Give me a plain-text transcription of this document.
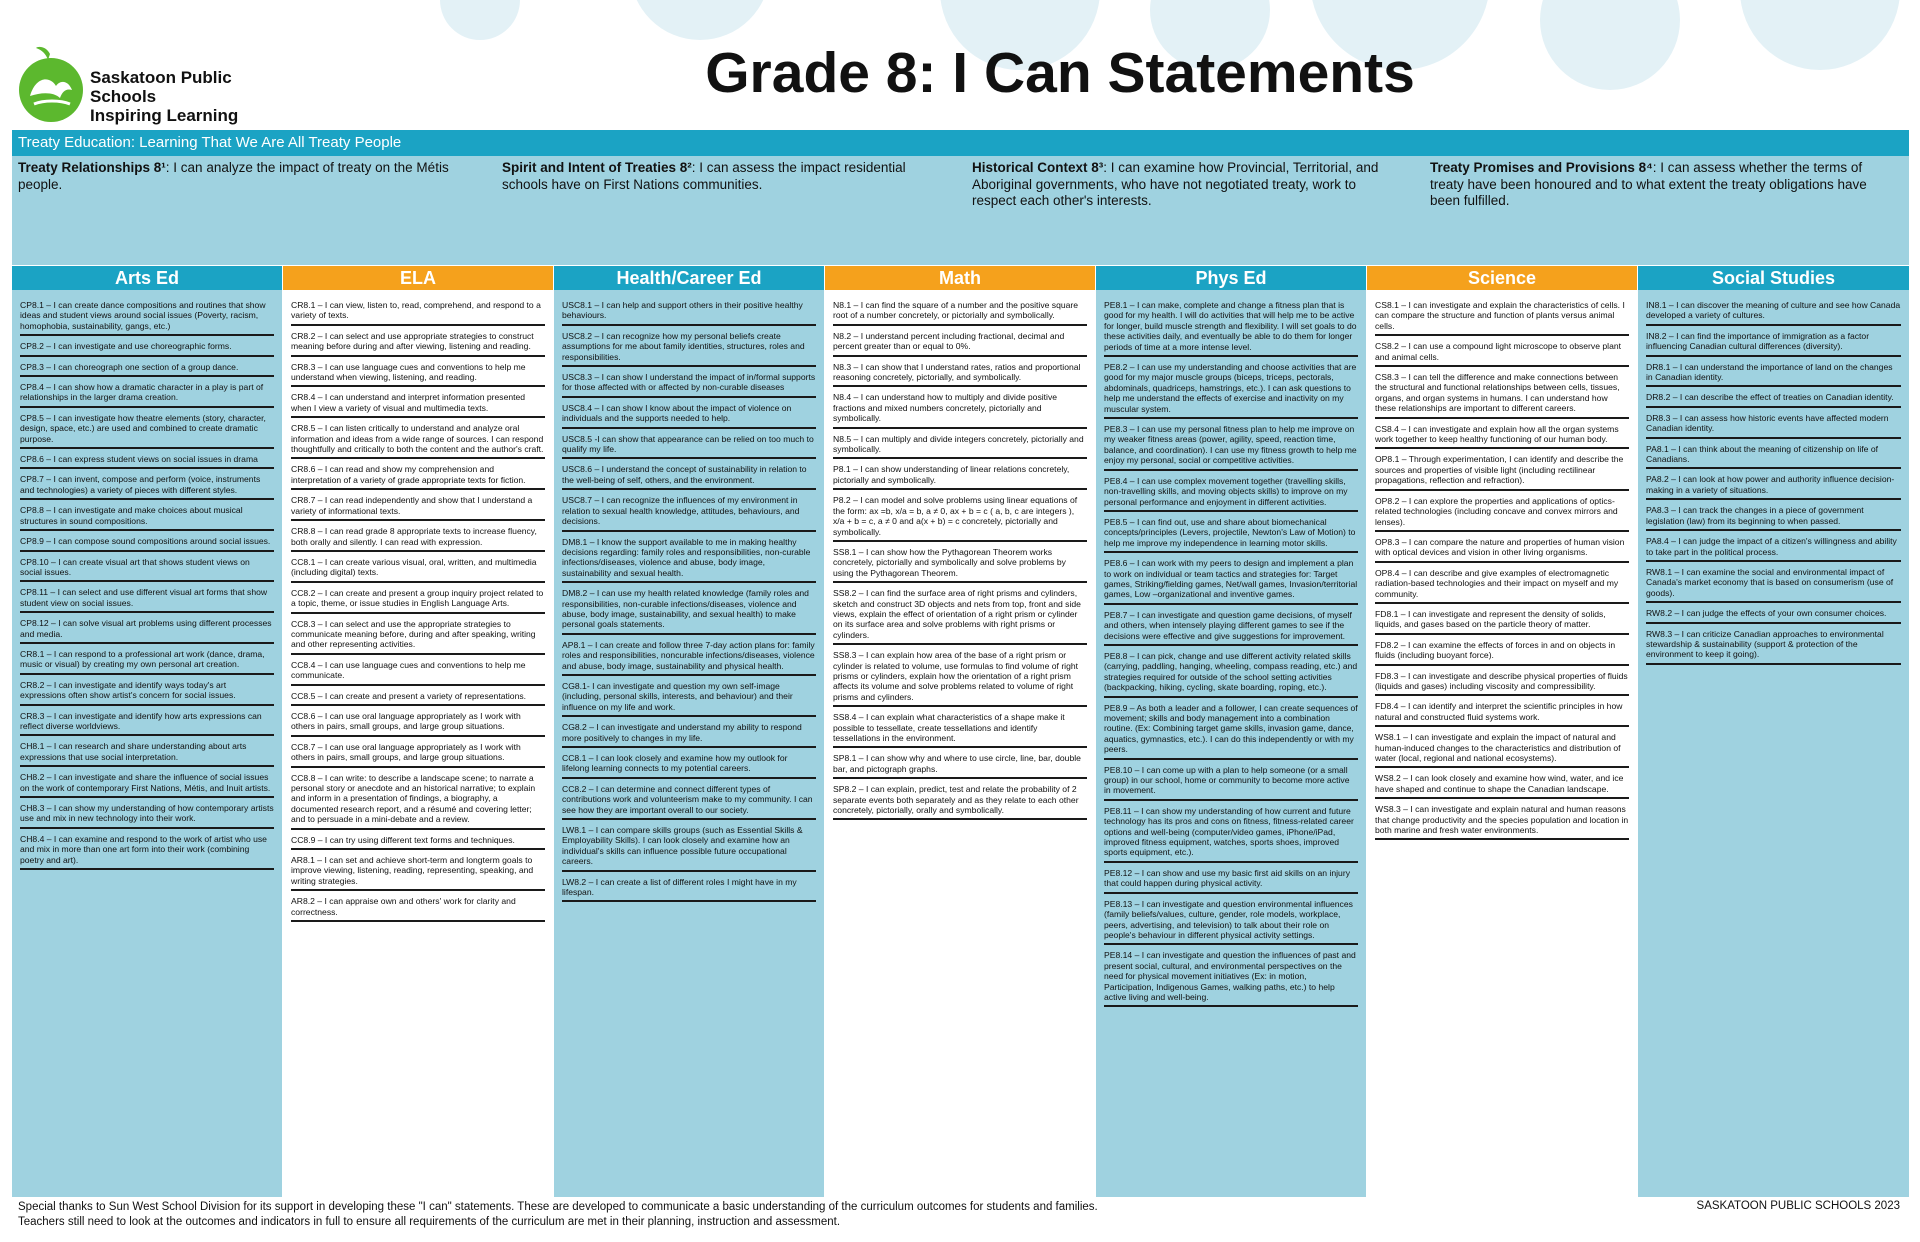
Saskatoon Public Schools
Inspiring Learning
Grade 8: I Can Statements
Treaty Education: Learning That We Are All Treaty People
Treaty Relationships 8¹: I can analyze the impact of treaty on the Métis people.
Spirit and Intent of Treaties 8²: I can assess the impact residential schools have on First Nations communities.
Historical Context 8³: I can examine how Provincial, Territorial, and Aboriginal governments, who have not negotiated treaty, work to respect each other's interests.
Treaty Promises and Provisions 8⁴: I can assess whether the terms of treaty have been honoured and to what extent the treaty obligations have been fulfilled.
Arts Ed
CP8.1 – I can create dance compositions and routines that show ideas and student views around social issues (Poverty, racism, homophobia, sustainability, gangs, etc.)
CP8.2 – I can investigate and use choreographic forms.
CP8.3 – I can choreograph one section of a group dance.
CP8.4 – I can show how a dramatic character in a play is part of relationships in the larger drama creation.
CP8.5 – I can investigate how theatre elements (story, character, design, space, etc.) are used and combined to create dramatic purpose.
CP8.6 – I can express student views on social issues in drama
CP8.7 – I can invent, compose and perform (voice, instruments and technologies) a variety of pieces with different styles.
CP8.8 – I can investigate and make choices about musical structures in sound compositions.
CP8.9 – I can compose sound compositions around social issues.
CP8.10 – I can create visual art that shows student views on social issues.
CP8.11 – I can select and use different visual art forms that show student view on social issues.
CP8.12 – I can solve visual art problems using different processes and media.
CR8.1 – I can respond to a professional art work (dance, drama, music or visual) by creating my own personal art creation.
CR8.2 – I can investigate and identify ways today's art expressions often show artist's concern for social issues.
CR8.3 – I can investigate and identify how arts expressions can reflect diverse worldviews.
CH8.1 – I can research and share understanding about arts expressions that use social interpretation.
CH8.2 – I can investigate and share the influence of social issues on the work of contemporary First Nations, Métis, and Inuit artists.
CH8.3 – I can show my understanding of how contemporary artists use and mix in new technology into their work.
CH8.4 – I can examine and respond to the work of artist who use and mix in more than one art form into their work (combining poetry and art).
ELA
CR8.1 – I can view, listen to, read, comprehend, and respond to a variety of texts.
CR8.2 – I can select and use appropriate strategies to construct meaning before during and after viewing, listening and reading.
CR8.3 – I can use language cues and conventions to help me understand when viewing, listening, and reading.
CR8.4 – I can understand and interpret information presented when I view a variety of visual and multimedia texts.
CR8.5 – I can listen critically to understand and analyze oral information and ideas from a wide range of sources. I can respond thoughtfully and critically to both the content and the author's craft.
CR8.6 – I can read and show my comprehension and interpretation of a variety of grade appropriate texts for fiction.
CR8.7 – I can read independently and show that I understand a variety of informational texts.
CR8.8 – I can read grade 8 appropriate texts to increase fluency, both orally and silently. I can read with expression.
CC8.1 – I can create various visual, oral, written, and multimedia (including digital) texts.
CC8.2 – I can create and present a group inquiry project related to a topic, theme, or issue studies in English Language Arts.
CC8.3 – I can select and use the appropriate strategies to communicate meaning before, during and after speaking, writing and other representing activities.
CC8.4 – I can use language cues and conventions to help me communicate.
CC8.5 – I can create and present a variety of representations.
CC8.6 – I can use oral language appropriately as I work with others in pairs, small groups, and large group situations.
CC8.7 – I can use oral language appropriately as I work with others in pairs, small groups, and large group situations.
CC8.8 – I can write: to describe a landscape scene; to narrate a personal story or anecdote and an historical narrative; to explain and inform in a presentation of findings, a biography, a documented research report, and a résumé and covering letter; and to persuade in a mini-debate and a review.
CC8.9 – I can try using different text forms and techniques.
AR8.1 – I can set and achieve short-term and longterm goals to improve viewing, listening, reading, representing, speaking, and writing strategies.
AR8.2 – I can appraise own and others' work for clarity and correctness.
Health/Career Ed
USC8.1 – I can help and support others in their positive healthy behaviours.
USC8.2 – I can recognize how my personal beliefs create assumptions for me about family identities, structures, roles and responsibilities.
USC8.3 – I can show I understand the impact of in/formal supports for those affected with or affected by non-curable diseases
USC8.4 – I can show I know about the impact of violence on individuals and the supports needed to help.
USC8.5 -I can show that appearance can be relied on too much to qualify my life.
USC8.6 – I understand the concept of sustainability in relation to the well-being of self, others, and the environment.
USC8.7 – I can recognize the influences of my environment in relation to sexual health knowledge, attitudes, behaviours, and decisions.
DM8.1 – I know the support available to me in making healthy decisions regarding: family roles and responsibilities, non-curable infections/diseases, violence and abuse, body image, sustainability and sexual health.
DM8.2 – I can use my health related knowledge (family roles and responsibilities, non-curable infections/diseases, violence and abuse, body image, sustainability, and sexual health) to make personal goals statements.
AP8.1 – I can create and follow three 7-day action plans for: family roles and responsibilities, noncurable infections/diseases, violence and abuse, body image, sustainability and physical health.
CG8.1- I can investigate and question my own self-image (including, personal skills, interests, and behaviour) and their influence on my life and work.
CG8.2 – I can investigate and understand my ability to respond more positively to changes in my life.
CC8.1 – I can look closely and examine how my outlook for lifelong learning connects to my potential careers.
CC8.2 – I can determine and connect different types of contributions work and volunteerism make to my community. I can see how they are important overall to our society.
LW8.1 – I can compare skills groups (such as Essential Skills & Employability Skills). I can look closely and examine how an individual's skills can influence possible future occupational careers.
LW8.2 – I can create a list of different roles I might have in my lifespan.
Math
N8.1 – I can find the square of a number and the positive square root of a number concretely, or pictorially and symbolically.
N8.2 – I understand percent including fractional, decimal and percent greater than or equal to 0%.
N8.3 – I can show that I understand rates, ratios and proportional reasoning concretely, pictorially, and symbolically.
N8.4 – I can understand how to multiply and divide positive fractions and mixed numbers concretely, pictorially and symbolically.
N8.5 – I can multiply and divide integers concretely, pictorially and symbolically.
P8.1 – I can show understanding of linear relations concretely, pictorially and symbolically.
P8.2 – I can model and solve problems using linear equations of the form: ax =b, x/a = b, a ≠ 0, ax + b = c ( a, b, c are integers ), x/a + b = c, a ≠ 0 and a(x + b) = c concretely, pictorially and symbolically.
SS8.1 – I can show how the Pythagorean Theorem works concretely, pictorially and symbolically and solve problems by using the Pythagorean Theorem.
SS8.2 – I can find the surface area of right prisms and cylinders, sketch and construct 3D objects and nets from top, front and side views, explain the effect of orientation of a right prism or cylinder on its surface area and solve problems with right prisms or cylinders.
SS8.3 – I can explain how area of the base of a right prism or cylinder is related to volume, use formulas to find volume of right prisms or cylinders, explain how the orientation of a right prism affects its volume and solve problems related to volume of right prisms and cylinders.
SS8.4 – I can explain what characteristics of a shape make it possible to tessellate, create tessellations and identify tessellations in the environment.
SP8.1 – I can show why and where to use circle, line, bar, double bar, and pictograph graphs.
SP8.2 – I can explain, predict, test and relate the probability of 2 separate events both separately and as they relate to each other concretely, pictorially, orally and symbolically.
Phys Ed
PE8.1 – I can make, complete and change a fitness plan that is good for my health. I will do activities that will help me to be active for longer, build muscle strength and flexibility. I will set goals to do these activities daily, and eventually be able to do them for longer periods of time at a more intense level.
PE8.2 – I can use my understanding and choose activities that are good for my major muscle groups (biceps, triceps, pectorals, abdominals, quadriceps, hamstrings, etc.). I can ask questions to help me understand the effects of exercise and inactivity on my muscular system.
PE8.3 – I can use my personal fitness plan to help me improve on my weaker fitness areas (power, agility, speed, reaction time, balance, and coordination). I can use my fitness growth to help me enjoy my personal, social or competitive activities.
PE8.4 – I can use complex movement together (travelling skills, non-travelling skills, and moving objects skills) to improve on my personal performance and enjoyment in different activities.
PE8.5 – I can find out, use and share about biomechanical concepts/principles (Levers, projectile, Newton's Law of Motion) to help me improve my independence in learning motor skills.
PE8.6 – I can work with my peers to design and implement a plan to work on individual or team tactics and strategies for: Target games, Striking/fielding games, Net/wall games, Invasion/territorial games, Low –organizational and inventive games.
PE8.7 – I can investigate and question game decisions, of myself and others, when intensely playing different games to see if the decisions were effective and give suggestions for improvement.
PE8.8 – I can pick, change and use different activity related skills (carrying, paddling, hanging, wheeling, compass reading, etc.) and strategies required for outside of the school setting activities (backpacking, hiking, cycling, skate boarding, roping, etc.).
PE8.9 – As both a leader and a follower, I can create sequences of movement; skills and body management into a combination routine. (Ex: Combining target game skills, invasion game, dance, aquatics, gymnastics, etc.). I can do this independently or with my peers.
PE8.10 – I can come up with a plan to help someone (or a small group) in our school, home or community to become more active in movement.
PE8.11 – I can show my understanding of how current and future technology has its pros and cons on fitness, fitness-related career options and well-being (computer/video games, iPhone/iPad, improved fitness equipment, watches, sports shoes, improved sports equipment, etc.).
PE8.12 – I can show and use my basic first aid skills on an injury that could happen during physical activity.
PE8.13 – I can investigate and question environmental influences (family beliefs/values, culture, gender, role models, workplace, peers, advertising, and television) to talk about their role on people's behaviour in different physical activity settings.
PE8.14 – I can investigate and question the influences of past and present social, cultural, and environmental perspectives on the need for physical movement initiatives (Ex: in motion, Participation, Indigenous Games, walking paths, etc.) to help active living and well-being.
Science
CS8.1 – I can investigate and explain the characteristics of cells. I can compare the structure and function of plants versus animal cells.
CS8.2 – I can use a compound light microscope to observe plant and animal cells.
CS8.3 – I can tell the difference and make connections between the structural and functional relationships between cells, tissues, organs, and organ systems in humans. I can understand how these relationships are important to different careers.
CS8.4 – I can investigate and explain how all the organ systems work together to keep healthy functioning of our human body.
OP8.1 – Through experimentation, I can identify and describe the sources and properties of visible light (including rectilinear propagations, reflection and refraction).
OP8.2 – I can explore the properties and applications of optics-related technologies (including concave and convex mirrors and lenses).
OP8.3 – I can compare the nature and properties of human vision with optical devices and vision in other living organisms.
OP8.4 – I can describe and give examples of electromagnetic radiation-based technologies and their impact on myself and my community.
FD8.1 – I can investigate and represent the density of solids, liquids, and gases based on the particle theory of matter.
FD8.2 – I can examine the effects of forces in and on objects in fluids (including buoyant force).
FD8.3 – I can investigate and describe physical properties of fluids (liquids and gases) including viscosity and compressibility.
FD8.4 – I can identify and interpret the scientific principles in how natural and constructed fluid systems work.
WS8.1 – I can investigate and explain the impact of natural and human-induced changes to the characteristics and distribution of water (local, regional and national ecosystems).
WS8.2 – I can look closely and examine how wind, water, and ice have shaped and continue to shape the Canadian landscape.
WS8.3 – I can investigate and explain natural and human reasons that change productivity and the species population and location in both marine and fresh water environments.
Social Studies
IN8.1 – I can discover the meaning of culture and see how Canada developed a variety of cultures.
IN8.2 – I can find the importance of immigration as a factor influencing Canadian cultural differences (diversity).
DR8.1 – I can understand the importance of land on the changes in Canadian identity.
DR8.2 – I can describe the effect of treaties on Canadian identity.
DR8.3 – I can assess how historic events have affected modern Canadian identity.
PA8.1 – I can think about the meaning of citizenship on life of Canadians.
PA8.2 – I can look at how power and authority influence decision-making in a variety of situations.
PA8.3 – I can track the changes in a piece of government legislation (law) from its beginning to when passed.
PA8.4 – I can judge the impact of a citizen's willingness and ability to take part in the political process.
RW8.1 – I can examine the social and environmental impact of Canada's market economy that is based on consumerism (use of goods).
RW8.2 – I can judge the effects of your own consumer choices.
RW8.3 – I can criticize Canadian approaches to environmental stewardship & sustainability (support & protection of the environment to keep it going).
Special thanks to Sun West School Division for its support in developing these "I can" statements. These are developed to communicate a basic understanding of the curriculum outcomes for students and families. Teachers still need to look at the outcomes and indicators in full to ensure all requirements of the curriculum are met in their planning, instruction and assessment.
SASKATOON PUBLIC SCHOOLS 2023
